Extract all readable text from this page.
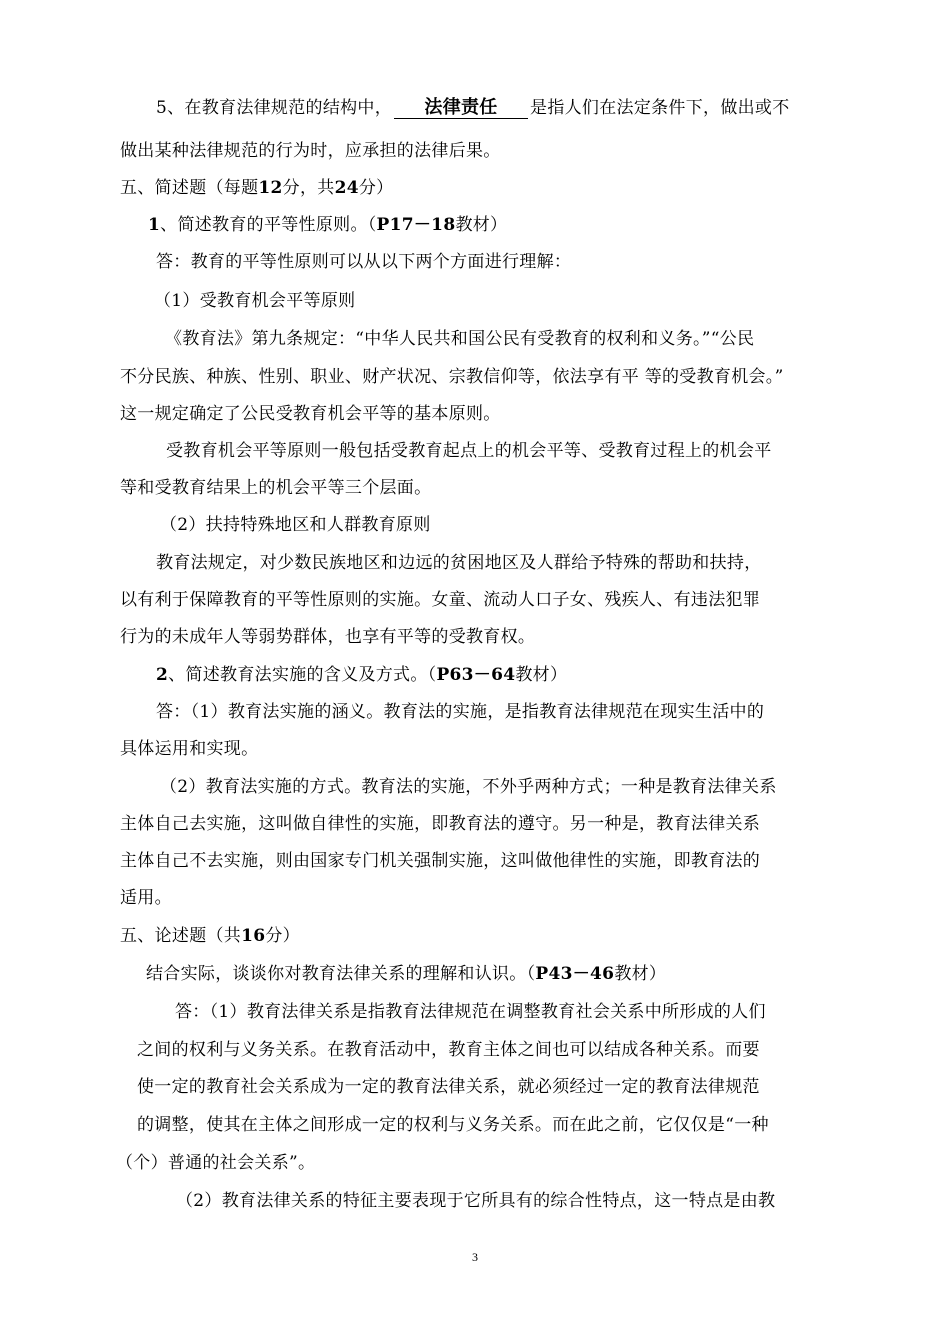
5、在教育法律规范的结构中， 法律责任 是指人们在法定条件下，做出或不
做出某种法律规范的行为时，应承担的法律后果。
五、简述题（每题12分，共24分）
1、简述教育的平等性原则。（P17－18教材）
答：教育的平等性原则可以从以下两个方面进行理解：
（1）受教育机会平等原则
《教育法》第九条规定：“中华人民共和国公民有受教育的权利和义务。”“公民
不分民族、种族、性别、职业、财产状况、宗教信仰等，依法享有平 等的受教育机会。”
这一规定确定了公民受教育机会平等的基本原则。
受教育机会平等原则一般包括受教育起点上的机会平等、受教育过程上的机会平
等和受教育结果上的机会平等三个层面。
（2）扶持特殊地区和人群教育原则
教育法规定，对少数民族地区和边远的贫困地区及人群给予特殊的帮助和扶持，
以有利于保障教育的平等性原则的实施。女童、流动人口子女、残疾人、有违法犯罪
行为的未成年人等弱势群体，也享有平等的受教育权。
2、简述教育法实施的含义及方式。（P63－64教材）
答：（1）教育法实施的涵义。教育法的实施，是指教育法律规范在现实生活中的
具体运用和实现。
（2）教育法实施的方式。教育法的实施，不外乎两种方式；一种是教育法律关系
主体自己去实施，这叫做自律性的实施，即教育法的遵守。另一种是，教育法律关系
主体自己不去实施，则由国家专门机关强制实施，这叫做他律性的实施，即教育法的
适用。
五、论述题（共16分）
结合实际，谈谈你对教育法律关系的理解和认识。（P43－46教材）
答：（1）教育法律关系是指教育法律规范在调整教育社会关系中所形成的人们
之间的权利与义务关系。在教育活动中，教育主体之间也可以结成各种关系。而要
使一定的教育社会关系成为一定的教育法律关系，就必须经过一定的教育法律规范
的调整，使其在主体之间形成一定的权利与义务关系。而在此之前，它仅仅是“一种
（个）普通的社会关系”。
（2）教育法律关系的特征主要表现于它所具有的综合性特点，这一特点是由教
3
